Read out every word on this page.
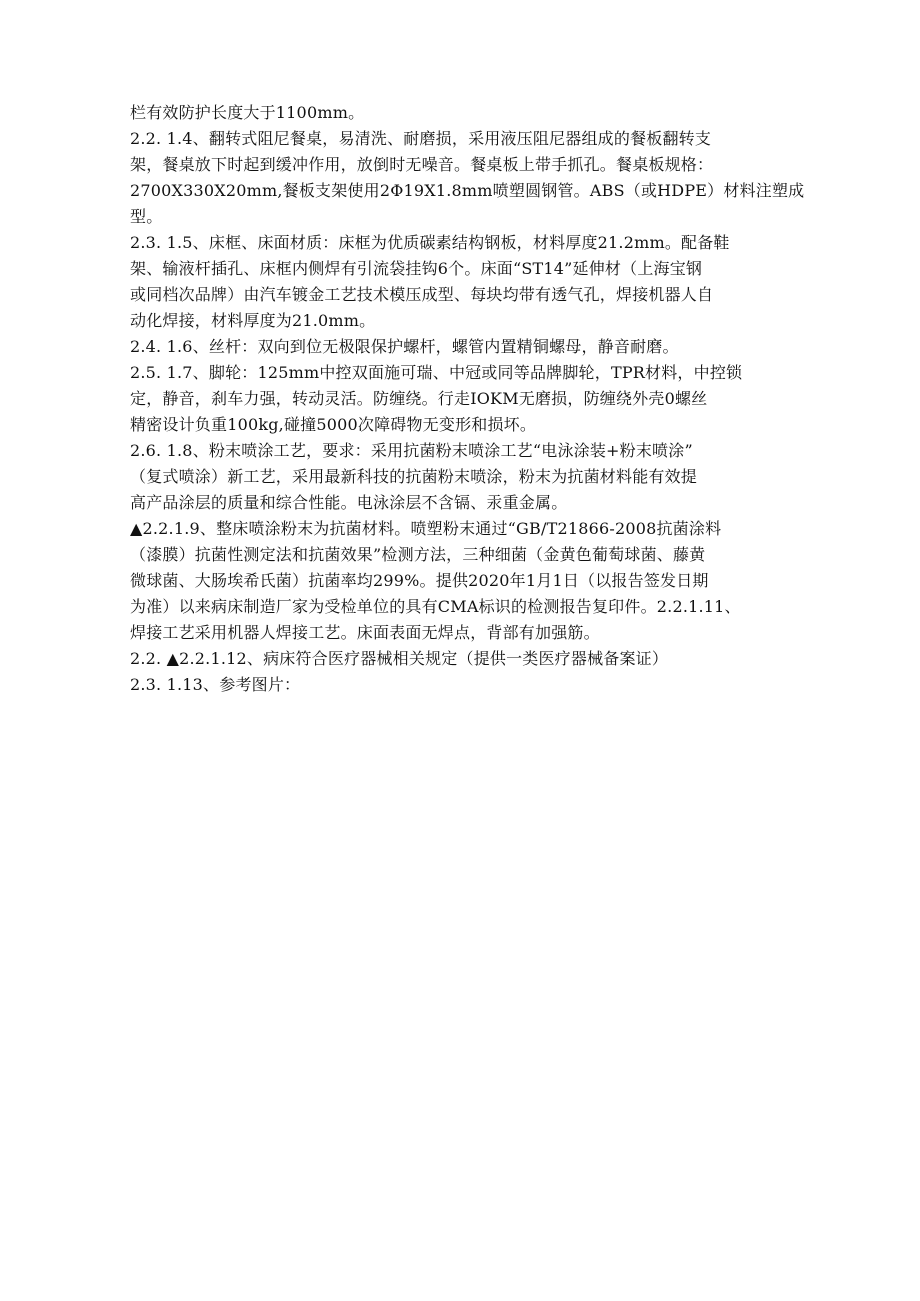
栏有效防护长度大于1100mm。
2.2. 1.4、翻转式阻尼餐桌，易清洗、耐磨损，采用液压阻尼器组成的餐板翻转支
架，餐桌放下时起到缓冲作用，放倒时无噪音。餐桌板上带手抓孔。餐桌板规格：
2700X330X20mm,餐板支架使用2Φ19X1.8mm喷塑圆钢管。ABS（或HDPE）材料注塑成
型。
2.3. 1.5、床框、床面材质：床框为优质碳素结构钢板，材料厚度21.2mm。配备鞋
架、输液杆插孔、床框内侧焊有引流袋挂钩6个。床面“ST14”延伸材（上海宝钢
或同档次品牌）由汽车镀金工艺技术模压成型、每块均带有透气孔，焊接机器人自
动化焊接，材料厚度为21.0mm。
2.4. 1.6、丝杆：双向到位无极限保护螺杆，螺管内置精铜螺母，静音耐磨。
2.5. 1.7、脚轮：125mm中控双面施可瑞、中冠或同等品牌脚轮，TPR材料，中控锁
定，静音，刹车力强，转动灵活。防缠绕。行走IOKM无磨损，防缠绕外壳0螺丝
精密设计负重100kg,碰撞5000次障碍物无变形和损坏。
2.6. 1.8、粉末喷涂工艺，要求：采用抗菌粉末喷涂工艺“电泳涂装+粉末喷涂”
（复式喷涂）新工艺，采用最新科技的抗菌粉末喷涂，粉末为抗菌材料能有效提
高产品涂层的质量和综合性能。电泳涂层不含镉、汞重金属。
▲2.2.1.9、整床喷涂粉末为抗菌材料。喷塑粉末通过“GB/T21866-2008抗菌涂料
（漆膜）抗菌性测定法和抗菌效果”检测方法，三种细菌（金黄色葡萄球菌、藤黄
微球菌、大肠埃希氏菌）抗菌率均299%。提供2020年1月1日（以报告签发日期
为准）以来病床制造厂家为受检单位的具有CMA标识的检测报告复印件。2.2.1.11、
焊接工艺采用机器人焊接工艺。床面表面无焊点，背部有加强筋。
2.2. ▲2.2.1.12、病床符合医疗器械相关规定（提供一类医疗器械备案证）
2.3. 1.13、参考图片：
